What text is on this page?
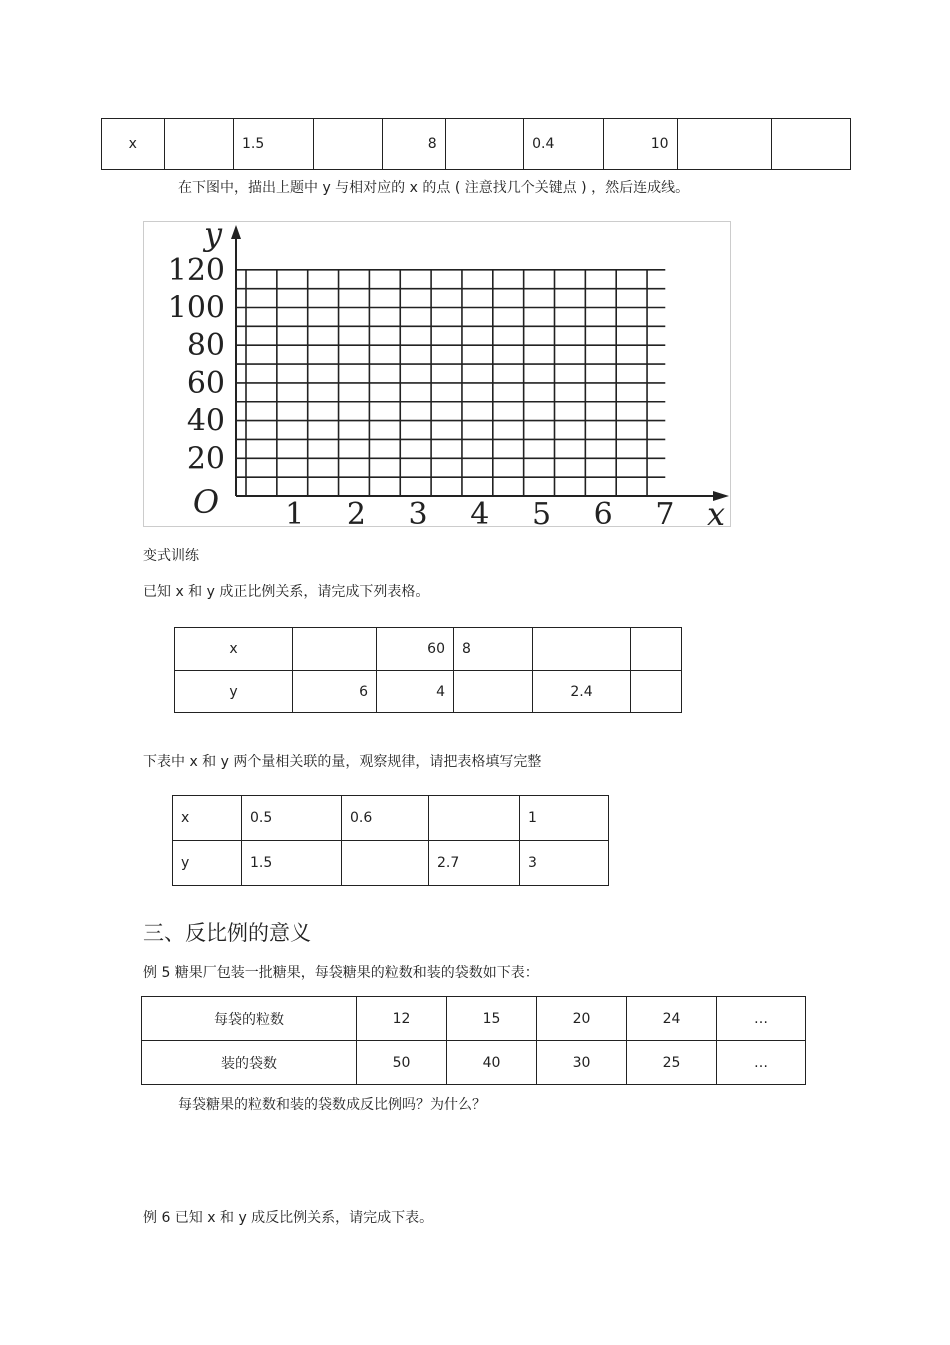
x		1.5		8		0.4	10		
在下图中，描出上题中 y 与相对应的 x 的点 ( 注意找几个关键点 ) ，然后连成线。
20
40
60
80
100
120
1 2 3 4 5 6 7
O
y
x
变式训练
已知 x 和 y 成正比例关系，请完成下列表格。
x		60	8		
y	6	4		2.4	
下表中 x 和 y 两个量相关联的量，观察规律，请把表格填写完整
x	0.5	0.6		1
y	1.5		2.7	3
三、反比例的意义
例 5 糖果厂包装一批糖果，每袋糖果的粒数和装的袋数如下表：
每袋的粒数	12	15	20	24	…
装的袋数	50	40	30	25	…
每袋糖果的粒数和装的袋数成反比例吗？为什么？
例 6 已知 x 和 y 成反比例关系，请完成下表。
